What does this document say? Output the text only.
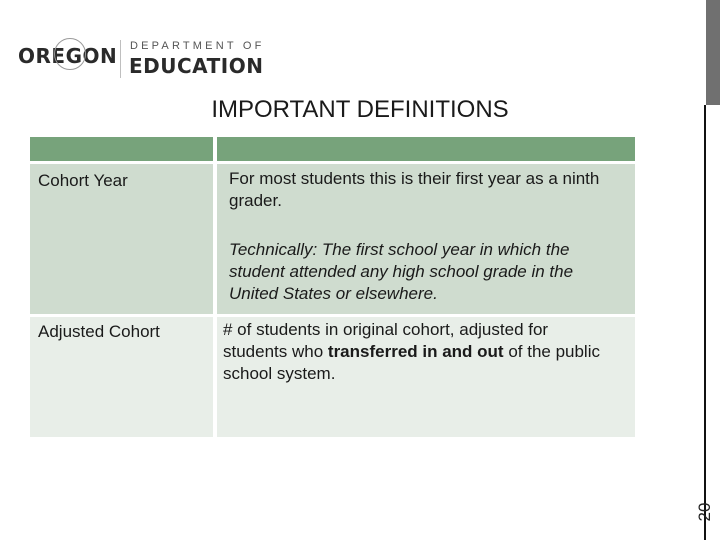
OREGON DEPARTMENT OF
EDUCATION
IMPORTANT DEFINITIONS
20
Cohort Year	For most students this is their first year as a ninth grader.

Technically: The first school year in which the student attended any high school grade in the United States or elsewhere.

Adjusted Cohort	# of students in original cohort, adjusted for students who transferred in and out of the public school system.
